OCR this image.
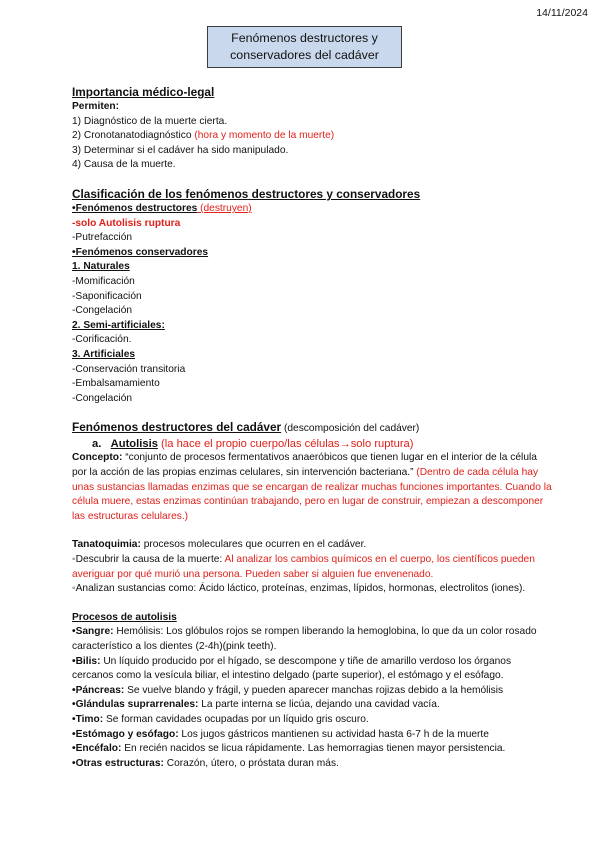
14/11/2024
Fenómenos destructores y
conservadores del cadáver
Importancia médico-legal
Permiten:
1) Diagnóstico de la muerte cierta.
2) Cronotanatodiagnóstico (hora y momento de la muerte)
3) Determinar si el cadáver ha sido manipulado.
4) Causa de la muerte.
Clasificación de los fenómenos destructores y conservadores
•Fenómenos destructores (destruyen)
-solo Autolisis ruptura
-Putrefacción
•Fenómenos conservadores
1. Naturales
-Momificación
-Saponificación
-Congelación
2. Semi-artificiales:
-Corificación.
3. Artificiales
-Conservación transitoria
-Embalsamamiento
-Congelación
Fenómenos destructores del cadáver (descomposición del cadáver)
a. Autolisis (la hace el propio cuerpo/las células→solo ruptura)
Concepto: “conjunto de procesos fermentativos anaeróbicos que tienen lugar en el interior de la célula por la acción de las propias enzimas celulares, sin intervención bacteriana.” (Dentro de cada célula hay unas sustancias llamadas enzimas que se encargan de realizar muchas funciones importantes. Cuando la célula muere, estas enzimas continúan trabajando, pero en lugar de construir, empiezan a descomponer las estructuras celulares.)
Tanatoquimia: procesos moleculares que ocurren en el cadáver.
◦Descubrir la causa de la muerte: Al analizar los cambios químicos en el cuerpo, los científicos pueden averiguar por qué murió una persona. Pueden saber si alguien fue envenenado.
◦Analizan sustancias como: Ácido láctico, proteínas, enzimas, lípidos, hormonas, electrolitos (iones).
Procesos de autolisis
•Sangre: Hemólisis: Los glóbulos rojos se rompen liberando la hemoglobina, lo que da un color rosado característico a los dientes (2-4h)(pink teeth).
•Bilis: Un líquido producido por el hígado, se descompone y tiñe de amarillo verdoso los órganos cercanos como la vesícula biliar, el intestino delgado (parte superior), el estómago y el esófago.
•Páncreas: Se vuelve blando y frágil, y pueden aparecer manchas rojizas debido a la hemólisis
•Glándulas suprarrenales: La parte interna se licúa, dejando una cavidad vacía.
•Timo: Se forman cavidades ocupadas por un líquido gris oscuro.
•Estómago y esófago: Los jugos gástricos mantienen su actividad hasta 6-7 h de la muerte
•Encéfalo: En recién nacidos se licua rápidamente. Las hemorragias tienen mayor persistencia.
•Otras estructuras: Corazón, útero, o próstata duran más.
